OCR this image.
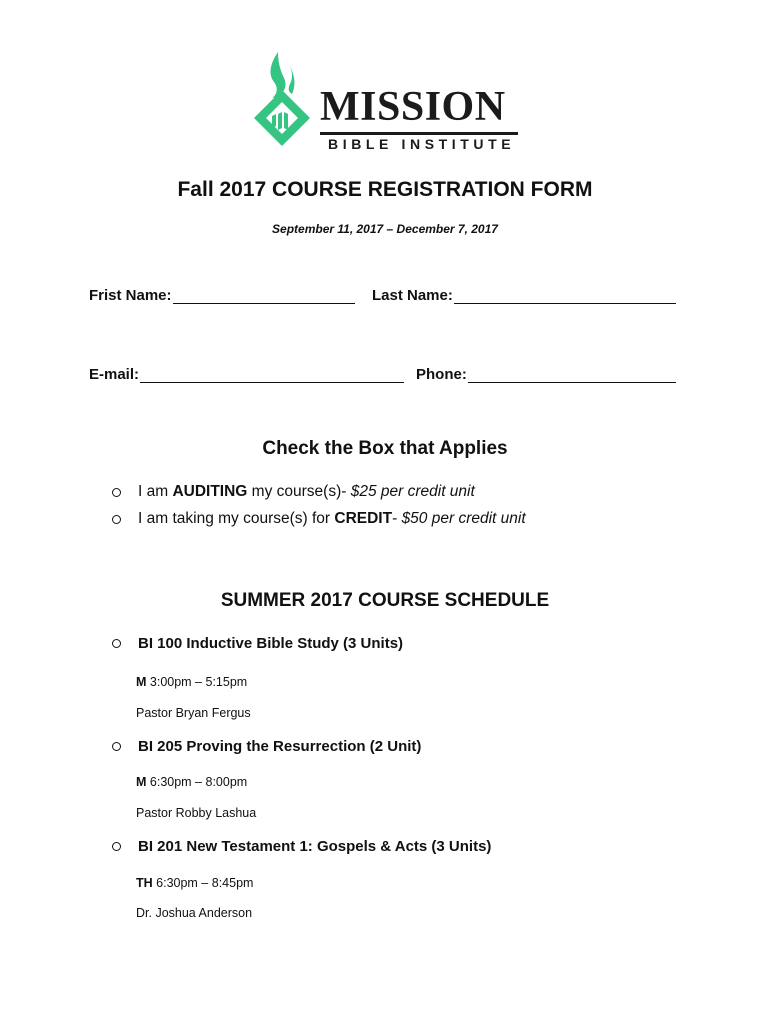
MISSION
BIBLE INSTITUTE
Fall 2017 COURSE REGISTRATION FORM
September 11, 2017 – December 7, 2017
Frist Name:	Last Name:
E-mail:	Phone:
Check the Box that Applies
I am AUDITING my course(s)- $25 per credit unit
I am taking my course(s) for CREDIT- $50 per credit unit
SUMMER 2017 COURSE SCHEDULE
BI 100 Inductive Bible Study (3 Units)
M 3:00pm – 5:15pm
Pastor Bryan Fergus
BI 205 Proving the Resurrection (2 Unit)
M 6:30pm – 8:00pm
Pastor Robby Lashua
BI 201 New Testament 1: Gospels & Acts (3 Units)
TH 6:30pm – 8:45pm
Dr. Joshua Anderson
